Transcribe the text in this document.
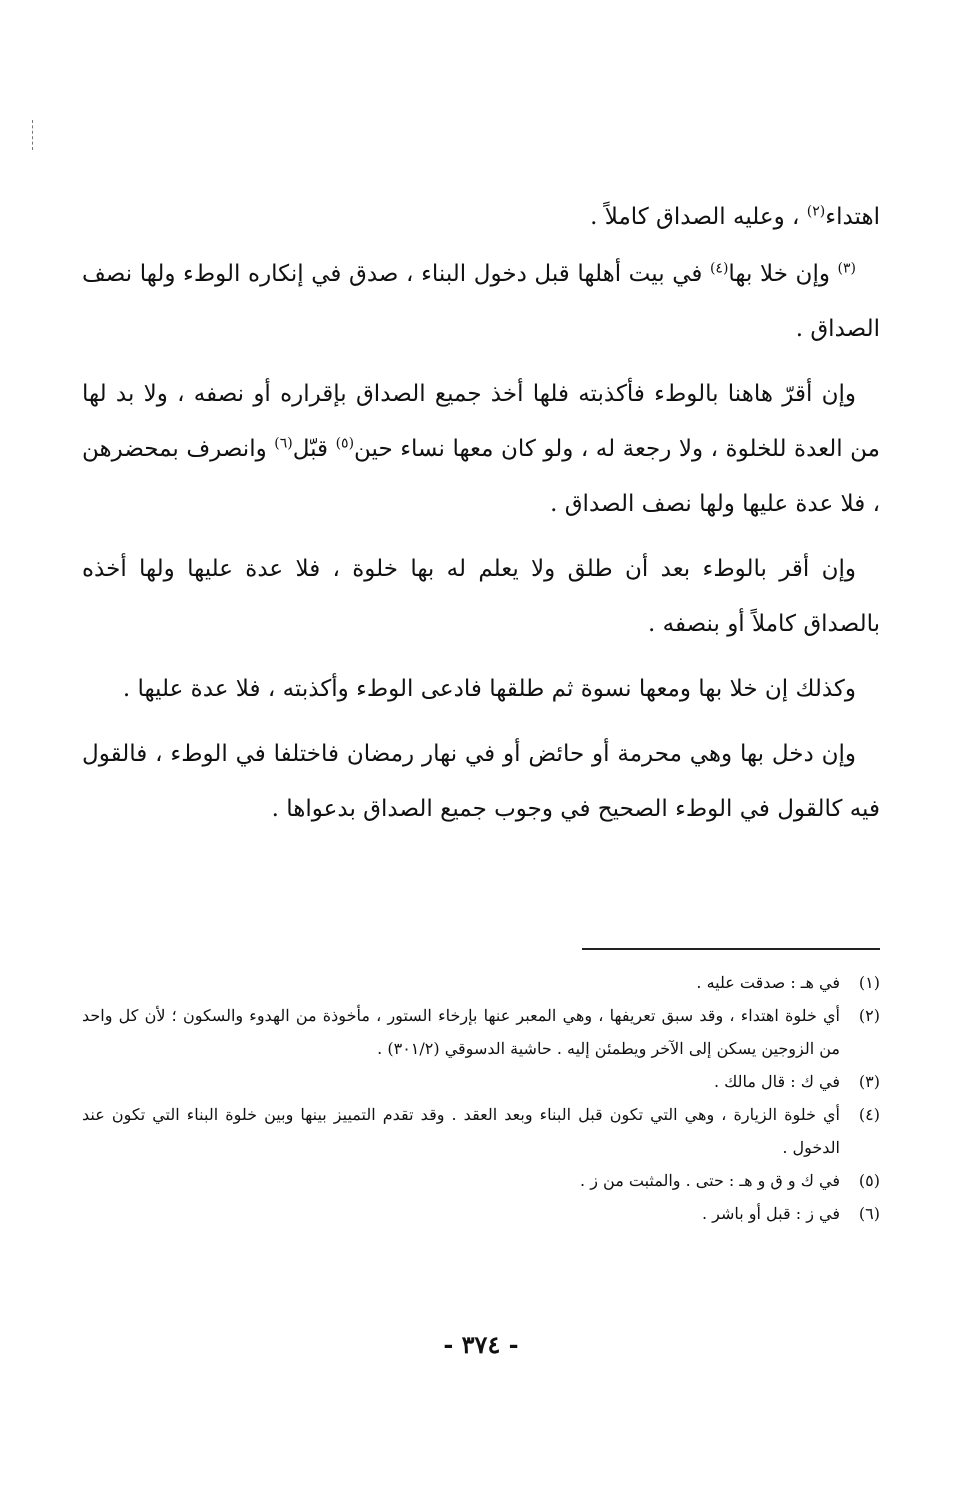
اهتداء$^{(٢)}$ ، وعليه الصداق كاملاً .

$^{(٣)}$ وإن خلا بها$^{(٤)}$ في بيت أهلها قبل دخول البناء ، صدق في إنكاره الوطء ولها نصف الصداق .

وإن أقرّ هاهنا بالوطء فأكذبته فلها أخذ جميع الصداق بإقراره أو نصفه ، ولا بد لها من العدة للخلوة ، ولا رجعة له ، ولو كان معها نساء حين$^{(٥)}$ قبّل$^{(٦)}$ وانصرف بمحضرهن ، فلا عدة عليها ولها نصف الصداق .

وإن أقر بالوطء بعد أن طلق ولا يعلم له بها خلوة ، فلا عدة عليها ولها أخذه بالصداق كاملاً أو بنصفه .

وكذلك إن خلا بها ومعها نسوة ثم طلقها فادعى الوطء وأكذبته ، فلا عدة عليها .

وإن دخل بها وهي محرمة أو حائض أو في نهار رمضان فاختلفا في الوطء ، فالقول فيه كالقول في الوطء الصحيح في وجوب جميع الصداق بدعواها .

(١)
في هـ : صدقت عليه .

(٢)
أي خلوة اهتداء ، وقد سبق تعريفها ، وهي المعبر عنها بإرخاء الستور ، مأخوذة من الهدوء والسكون ؛ لأن كل واحد من الزوجين يسكن إلى الآخر ويطمئن إليه . حاشية الدسوقي (٣٠١/٢) .

(٣)
في ك : قال مالك .

(٤)
أي خلوة الزيارة ، وهي التي تكون قبل البناء وبعد العقد . وقد تقدم التمييز بينها وبين خلوة البناء التي تكون عند الدخول .

(٥)
في ك و ق و هـ : حتى . والمثبت من ز .

(٦)
في ز : قبل أو باشر .

- ٣٧٤ -
